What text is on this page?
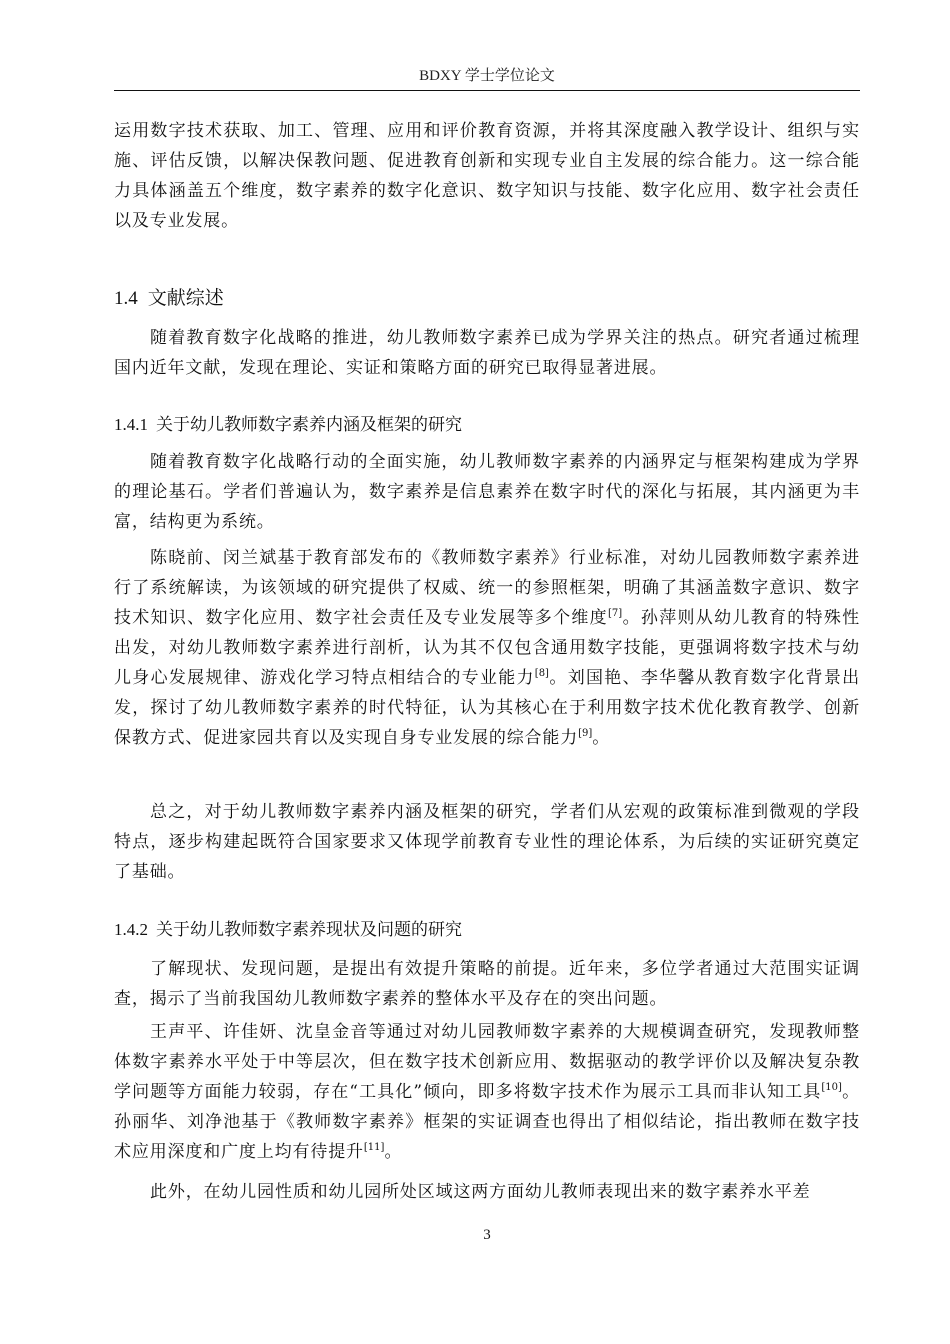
BDXY 学士学位论文

运用数字技术获取、加工、管理、应用和评价教育资源，并将其深度融入教学设计、组织与实施、评估反馈，以解决保教问题、促进教育创新和实现专业自主发展的综合能力。这一综合能力具体涵盖五个维度，数字素养的数字化意识、数字知识与技能、数字化应用、数字社会责任以及专业发展。

1.4 文献综述

随着教育数字化战略的推进，幼儿教师数字素养已成为学界关注的热点。研究者通过梳理国内近年文献，发现在理论、实证和策略方面的研究已取得显著进展。

1.4.1 关于幼儿教师数字素养内涵及框架的研究

随着教育数字化战略行动的全面实施，幼儿教师数字素养的内涵界定与框架构建成为学界的理论基石。学者们普遍认为，数字素养是信息素养在数字时代的深化与拓展，其内涵更为丰富，结构更为系统。

陈晓前、闵兰斌基于教育部发布的《教师数字素养》行业标准，对幼儿园教师数字素养进行了系统解读，为该领域的研究提供了权威、统一的参照框架，明确了其涵盖数字意识、数字技术知识、数字化应用、数字社会责任及专业发展等多个维度[7]。孙萍则从幼儿教育的特殊性出发，对幼儿教师数字素养进行剖析，认为其不仅包含通用数字技能，更强调将数字技术与幼儿身心发展规律、游戏化学习特点相结合的专业能力[8]。刘国艳、李华馨从教育数字化背景出发，探讨了幼儿教师数字素养的时代特征，认为其核心在于利用数字技术优化教育教学、创新保教方式、促进家园共育以及实现自身专业发展的综合能力[9]。

总之，对于幼儿教师数字素养内涵及框架的研究，学者们从宏观的政策标准到微观的学段特点，逐步构建起既符合国家要求又体现学前教育专业性的理论体系，为后续的实证研究奠定了基础。

1.4.2 关于幼儿教师数字素养现状及问题的研究

了解现状、发现问题，是提出有效提升策略的前提。近年来，多位学者通过大范围实证调查，揭示了当前我国幼儿教师数字素养的整体水平及存在的突出问题。

王声平、许佳妍、沈皇金音等通过对幼儿园教师数字素养的大规模调查研究，发现教师整体数字素养水平处于中等层次，但在数字技术创新应用、数据驱动的教学评价以及解决复杂教学问题等方面能力较弱，存在“工具化”倾向，即多将数字技术作为展示工具而非认知工具[10]。孙丽华、刘净池基于《教师数字素养》框架的实证调查也得出了相似结论，指出教师在数字技术应用深度和广度上均有待提升[11]。

此外，在幼儿园性质和幼儿园所处区域这两方面幼儿教师表现出来的数字素养水平差

3
